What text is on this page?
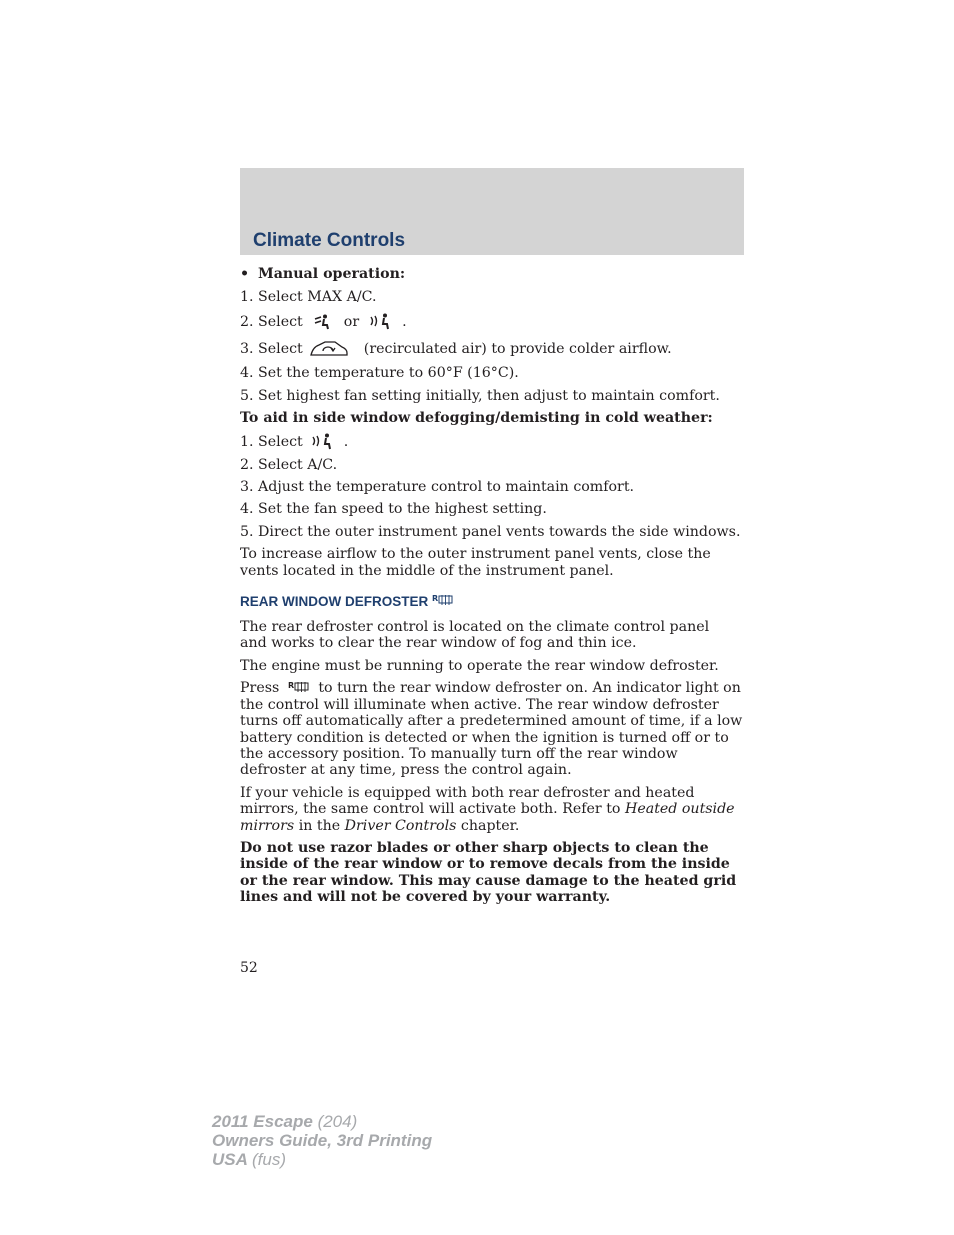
Climate Controls
• Manual operation:
1. Select MAX A/C.
2. Select	or	.
3. Select	(recirculated air) to provide colder airflow.
4. Set the temperature to 60°F (16°C).
5. Set highest fan setting initially, then adjust to maintain comfort.
To aid in side window defogging/demisting in cold weather:
1. Select	.
2. Select A/C.
3. Adjust the temperature control to maintain comfort.
4. Set the fan speed to the highest setting.
5. Direct the outer instrument panel vents towards the side windows.

To increase airflow to the outer instrument panel vents, close the vents located in the middle of the instrument panel.

REAR WINDOW DEFROSTER R

The rear defroster control is located on the climate control panel and works to clear the rear window of fog and thin ice.

The engine must be running to operate the rear window defroster.

Press R to turn the rear window defroster on. An indicator light on the control will illuminate when active. The rear window defroster turns off automatically after a predetermined amount of time, if a low battery condition is detected or when the ignition is turned off or to the accessory position. To manually turn off the rear window defroster at any time, press the control again.

If your vehicle is equipped with both rear defroster and heated mirrors, the same control will activate both. Refer to Heated outside mirrors in the Driver Controls chapter.

Do not use razor blades or other sharp objects to clean the inside of the rear window or to remove decals from the inside or the rear window. This may cause damage to the heated grid lines and will not be covered by your warranty.

52
2011 Escape (204)
Owners Guide, 3rd Printing
USA (fus)
